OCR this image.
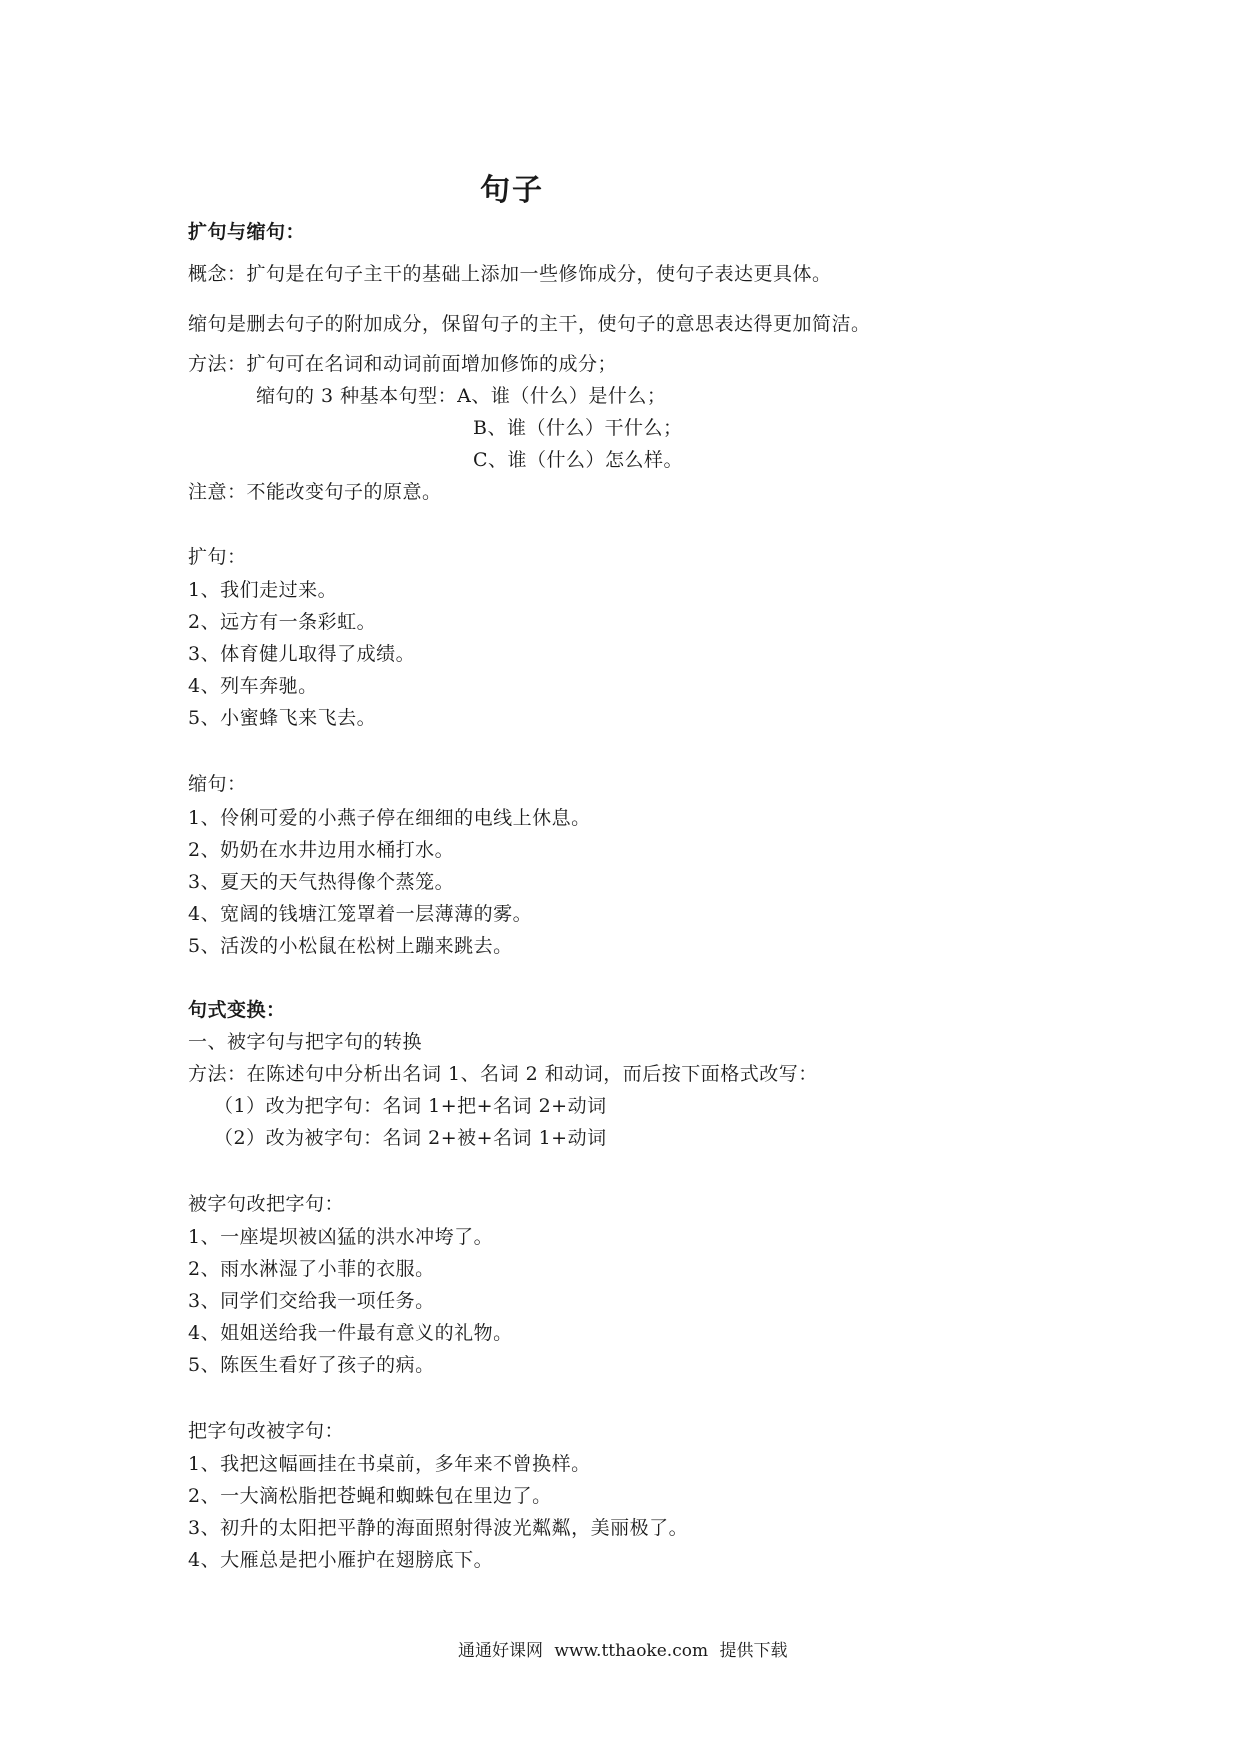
句子
扩句与缩句：
概念：扩句是在句子主干的基础上添加一些修饰成分，使句子表达更具体。
缩句是删去句子的附加成分，保留句子的主干，使句子的意思表达得更加简洁。
方法：扩句可在名词和动词前面增加修饰的成分；
缩句的 3 种基本句型：A、谁（什么）是什么；
B、谁（什么）干什么；
C、谁（什么）怎么样。
注意：不能改变句子的原意。
扩句：
1、我们走过来。
2、远方有一条彩虹。
3、体育健儿取得了成绩。
4、列车奔驰。
5、小蜜蜂飞来飞去。
缩句：
1、伶俐可爱的小燕子停在细细的电线上休息。
2、奶奶在水井边用水桶打水。
3、夏天的天气热得像个蒸笼。
4、宽阔的钱塘江笼罩着一层薄薄的雾。
5、活泼的小松鼠在松树上蹦来跳去。
句式变换：
一、被字句与把字句的转换
方法：在陈述句中分析出名词 1、名词 2 和动词，而后按下面格式改写：
（1）改为把字句：名词 1+把+名词 2+动词
（2）改为被字句：名词 2+被+名词 1+动词
被字句改把字句：
1、一座堤坝被凶猛的洪水冲垮了。
2、雨水淋湿了小菲的衣服。
3、同学们交给我一项任务。
4、姐姐送给我一件最有意义的礼物。
5、陈医生看好了孩子的病。
把字句改被字句：
1、我把这幅画挂在书桌前，多年来不曾换样。
2、一大滴松脂把苍蝇和蜘蛛包在里边了。
3、初升的太阳把平静的海面照射得波光粼粼，美丽极了。
4、大雁总是把小雁护在翅膀底下。
通通好课网 www.tthaoke.com 提供下载
